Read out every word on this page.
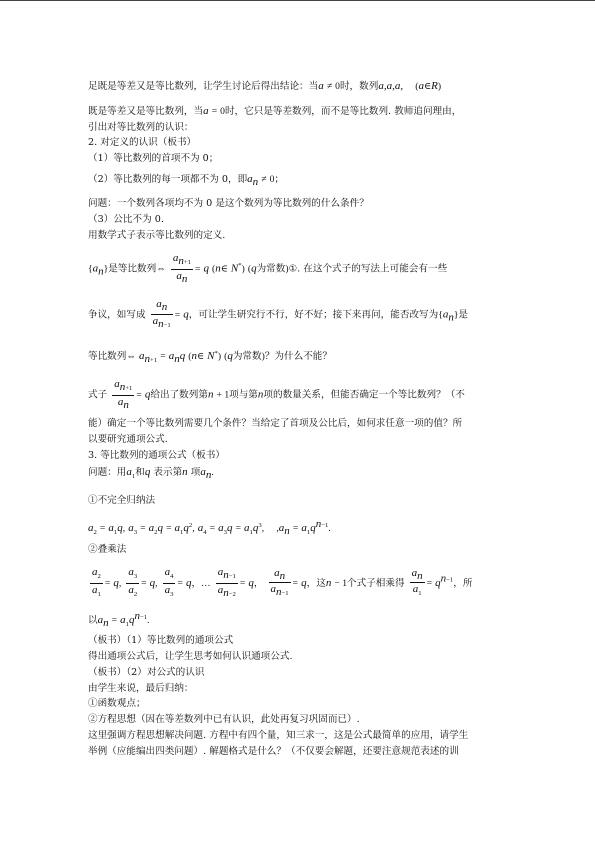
足既是等差又是等比数列，让学生讨论后得出结论：当a ≠ 0时，数列a,a,a, (a∈R)
既是等差又是等比数列，当a = 0时，它只是等差数列，而不是等比数列. 教师追问理由，
引出对等比数列的认识：
2. 对定义的认识（板书）
（1）等比数列的首项不为 0；
（2）等比数列的每一项都不为 0，即$a_n \ne 0$；
问题：一个数列各项均不为 0 是这个数列为等比数列的什么条件？
（3）公比不为 0.
用数学式子表示等比数列的定义.
$\{a_n\}$是等比数列⇔ $\frac{a_{n+1}}{a_n} = q$ (n∈ N*) (q为常数)①. 在这个式子的写法上可能会有一些
争议，如写成 $\frac{a_n}{a_{n-1}} = q$，可让学生研究行不行，好不好；接下来再问，能否改写为$\{a_n\}$是
等比数列⇔ $a_{n+1} = a_nq$ (n∈ N*) (q为常数)？为什么不能？
式子 $\frac{a_{n+1}}{a_n} = q$给出了数列第n + 1项与第n项的数量关系，但能否确定一个等比数列？（不
能）确定一个等比数列需要几个条件？当给定了首项及公比后，如何求任意一项的值？所
以要研究通项公式.
3. 等比数列的通项公式（板书）
问题：用$a_1$和q 表示第n 项$a_n$.
①不完全归纳法
$a_2 = a_1q$, $a_3 = a_2q = a_1q^2$, $a_4 = a_3q = a_1q^3$, $,a_n = a_1q^{n-1}$.
②叠乘法
$\frac{a_2}{a_1} = q$, $\frac{a_3}{a_2} = q$, $\frac{a_4}{a_3} = q$，… $\frac{a_{n-1}}{a_{n-2}} = q$， $\frac{a_n}{a_{n-1}} = q$，这n − 1个式子相乘得 $\frac{a_n}{a_1} = q^{n-1}$，所
以$a_n = a_1q^{n-1}$.
（板书）（1）等比数列的通项公式
得出通项公式后，让学生思考如何认识通项公式.
（板书）（2）对公式的认识
由学生来说，最后归纳：
①函数观点；
②方程思想（因在等差数列中已有认识，此处再复习巩固而已）.
这里强调方程思想解决问题. 方程中有四个量，知三求一，这是公式最简单的应用，请学生
举例（应能编出四类问题）. 解题格式是什么？（不仅要会解题，还要注意规范表述的训
